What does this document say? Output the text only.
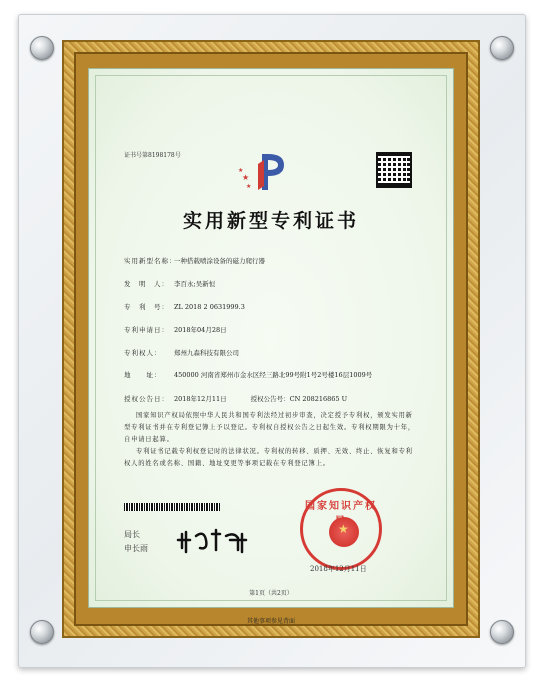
证书号第8198178号
★
★
★
实用新型专利证书
实用新型名称：一种搭载喷涂设备的磁力爬行器
发　明　人： 李百永;吴新恒
专　利　号： ZL 2018 2 0631999.3
专利申请日： 2018年04月28日
专利权人： 郑州九森科技有限公司
地　　址：	450000 河南省郑州市金水区经三路北99号附1号2号楼16层1009号
授权公告日： 2018年12月11日	授权公告号：CN 208216865 U
国家知识产权局依照中华人民共和国专利法经过初步审查，决定授予专利权，颁发实用新型专利证书并在专利登记簿上予以登记。专利权自授权公告之日起生效。专利权期限为十年，自申请日起算。
专利证书记载专利权登记时的法律状况。专利权的转移、质押、无效、终止、恢复和专利权人的姓名或名称、国籍、地址变更等事项记载在专利登记簿上。
局长
申长雨
国家知识产权
★
2018年12月11日
第1页（共2页）
其他事项参见背面
